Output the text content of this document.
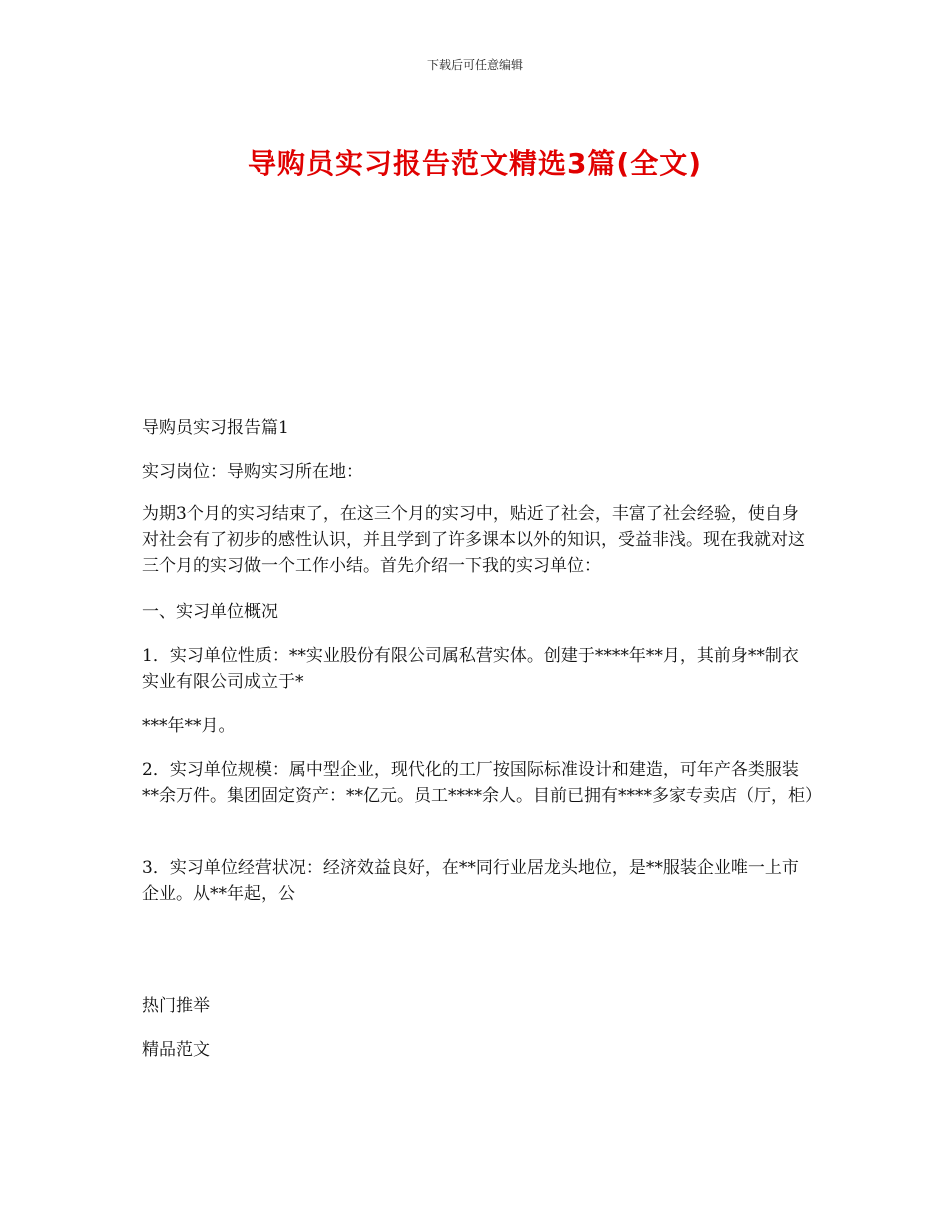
下载后可任意编辑
导购员实习报告范文精选3篇(全文)

导购员实习报告篇1

实习岗位：导购实习所在地：

为期3个月的实习结束了，在这三个月的实习中，贴近了社会，丰富了社会经验，使自身对社会有了初步的感性认识，并且学到了许多课本以外的知识，受益非浅。现在我就对这三个月的实习做一个工作小结。首先介绍一下我的实习单位：

一、实习单位概况

1．实习单位性质：**实业股份有限公司属私营实体。创建于****年**月，其前身**制衣实业有限公司成立于*

***年**月。

2．实习单位规模：属中型企业，现代化的工厂按国际标准设计和建造，可年产各类服装**余万件。集团固定资产：**亿元。员工****余人。目前已拥有****多家专卖店（厅，柜）

3．实习单位经营状况：经济效益良好，在**同行业居龙头地位，是**服装企业唯一上市企业。从**年起，公

热门推举

精品范文
